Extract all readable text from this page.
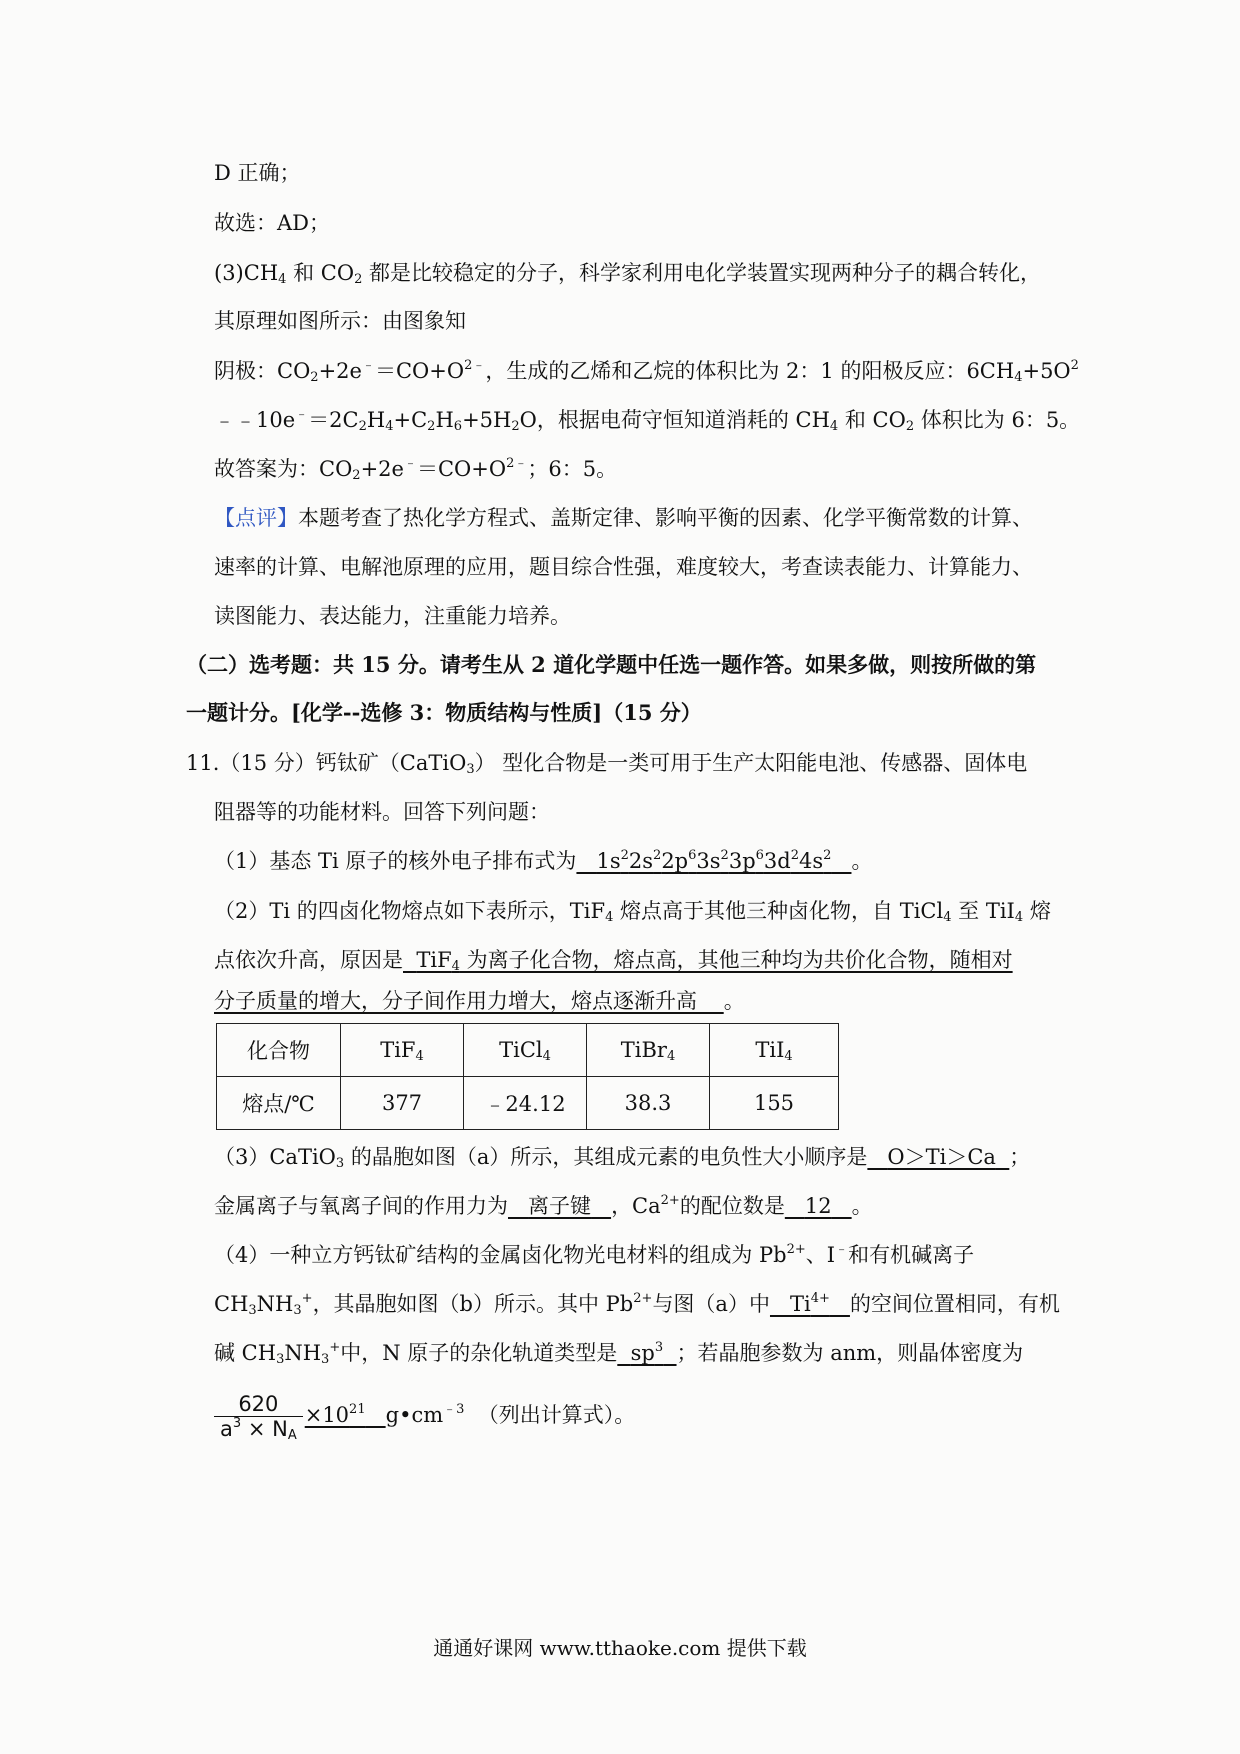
D 正确；
故选：AD；
$(3)CH_4$ 和 $CO_2$ 都是比较稳定的分子，科学家利用电化学装置实现两种分子的耦合转化，
其原理如图所示：由图象知
阴极：$CO_2+2e^﹣=CO+O^{2﹣}$，生成的乙烯和乙烷的体积比为 2：1 的阳极反应：$6CH_4+5O^2$
$﹣﹣10e^﹣=2C_2H_4+C_2H_6+5H_2O$，根据电荷守恒知道消耗的 $CH_4$ 和 $CO_2$ 体积比为 6：5。
故答案为：$CO_2+2e^﹣=CO+O^{2﹣}$；6：5。
【点评】本题考查了热化学方程式、盖斯定律、影响平衡的因素、化学平衡常数的计算、
速率的计算、电解池原理的应用，题目综合性强，难度较大，考查读表能力、计算能力、
读图能力、表达能力，注重能力培养。
（二）选考题：共 15 分。请考生从 2 道化学题中任选一题作答。如果多做，则按所做的第
一题计分。[化学--选修 3：物质结构与性质]（15 分）
11.（15 分）钙钛矿（CaTiO$_3$） 型化合物是一类可用于生产太阳能电池、传感器、固体电
阻器等的功能材料。回答下列问题：
（1）基态 Ti 原子的核外电子排布式为 $1s^22s^22p^63s^23p^63d^24s^2$ 。
（2）Ti 的四卤化物熔点如下表所示，TiF$_4$ 熔点高于其他三种卤化物，自 TiCl$_4$ 至 TiI$_4$ 熔
点依次升高，原因是 TiF$_4$ 为离子化合物，熔点高，其他三种均为共价化合物，随相对
分子质量的增大，分子间作用力增大，熔点逐渐升高 。
化合物	TiF$_4$	TiCl$_4$	TiBr$_4$	TiI$_4$
熔点/℃	377	﹣24.12	38.3	155
（3）CaTiO$_3$ 的晶胞如图（a）所示，其组成元素的电负性大小顺序是 O＞Ti＞Ca ；
金属离子与氧离子间的作用力为 离子键 ，$Ca^{2+}$的配位数是 12 。
（4）一种立方钙钛矿结构的金属卤化物光电材料的组成为 $Pb^{2+}$、I﹣和有机碱离子
$CH_3NH_3^+$，其晶胞如图（b）所示。其中 $Pb^{2+}$与图（a）中 $Ti^{4+}$ 的空间位置相同，有机
碱 $CH_3NH_3^+$中，N 原子的杂化轨道类型是 $sp^3$ ；若晶胞参数为 anm，则晶体密度为
$\frac{620}{a^3 \times N_A} \times 10^{21}$ $g•cm^{﹣3}$ （列出计算式）。
通通好课网 www.tthaoke.com 提供下载
